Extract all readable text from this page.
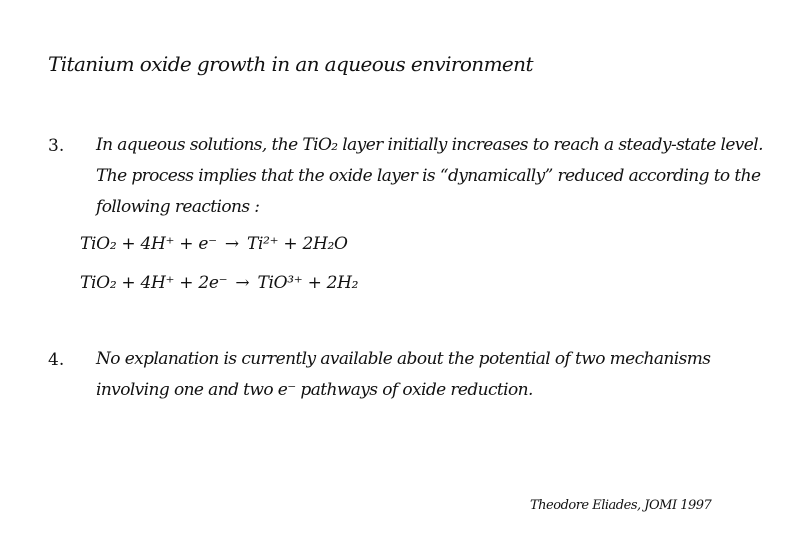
Titanium oxide growth in an aqueous environment
3. In aqueous solutions, the TiO₂ layer initially increases to reach a steady-state level. The process implies that the oxide layer is “dynamically” reduced according to the following reactions :
TiO₂ + 4H⁺ + e⁻ → Ti²⁺ + 2H₂O
TiO₂ + 4H⁺ + 2e⁻ → TiO³⁺ + 2H₂
4. No explanation is currently available about the potential of two mechanisms involving one and two e⁻ pathways of oxide reduction.
Theodore Eliades, JOMI 1997
